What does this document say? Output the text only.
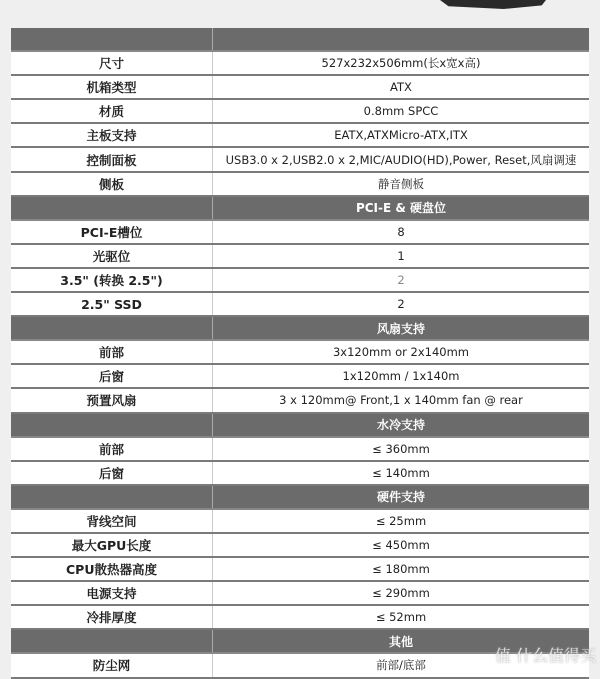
尺寸	527x232x506mm(长x宽x高)
机箱类型	ATX
材质	0.8mm SPCC
主板支持	EATX,ATXMicro-ATX,ITX
控制面板	USB3.0 x 2,USB2.0 x 2,MIC/AUDIO(HD),Power, Reset,风扇调速
侧板	静音侧板
	PCI-E & 硬盘位
PCI-E槽位	8
光驱位	1
3.5" (转换 2.5")	2
2.5" SSD	2
	风扇支持
前部	3x120mm or 2x140mm
后窗	1x120mm / 1x140m
预置风扇	3 x 120mm@ Front,1 x 140mm fan @ rear
	水冷支持
前部	≤ 360mm
后窗	≤ 140mm
	硬件支持
背线空间	≤ 25mm
最大GPU长度	≤ 450mm
CPU散热器高度	≤ 180mm
电源支持	≤ 290mm
冷排厚度	≤ 52mm
	其他
防尘网	前部/底部
值 什么值得买
